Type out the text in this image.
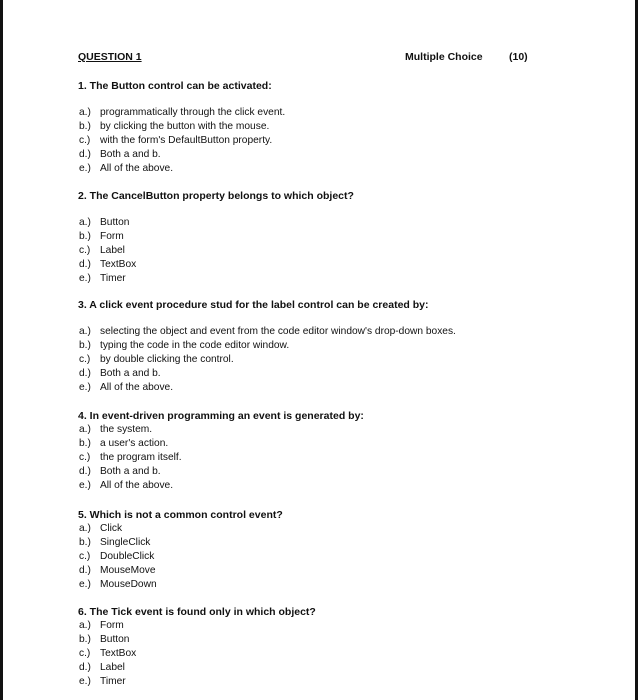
QUESTION 1	Multiple Choice	(10)
1. The Button control can be activated:
a.) programmatically through the click event.
b.) by clicking the button with the mouse.
c.) with the form's DefaultButton property.
d.) Both a and b.
e.) All of the above.
2. The CancelButton property belongs to which object?
a.) Button
b.) Form
c.) Label
d.) TextBox
e.) Timer
3. A click event procedure stud for the label control can be created by:
a.) selecting the object and event from the code editor window's drop-down boxes.
b.) typing the code in the code editor window.
c.) by double clicking the control.
d.) Both a and b.
e.) All of the above.
4. In event-driven programming an event is generated by:
a.) the system.
b.) a user's action.
c.) the program itself.
d.) Both a and b.
e.) All of the above.
5. Which is not a common control event?
a.) Click
b.) SingleClick
c.) DoubleClick
d.) MouseMove
e.) MouseDown
6. The Tick event is found only in which object?
a.) Form
b.) Button
c.) TextBox
d.) Label
e.) Timer
